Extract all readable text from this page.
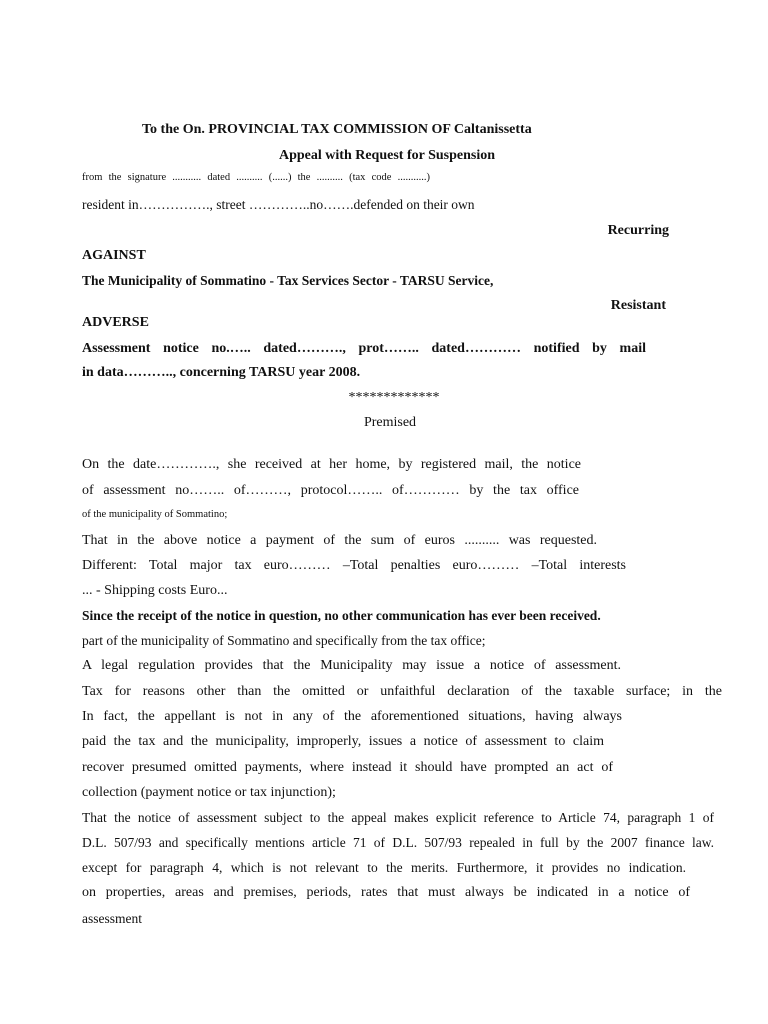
To the On. PROVINCIAL TAX COMMISSION OF Caltanissetta
Appeal with Request for Suspension
from the signature ........... dated .......... (......) the .......... (tax code ...........)
resident in……………., street …………..no…….defended on their own
Recurring
AGAINST
The Municipality of Sommatino - Tax Services Sector - TARSU Service,
Resistant
ADVERSE
Assessment notice no.….. dated………., prot…….. dated………… notified by mail
in data……….., concerning TARSU year 2008.
*************
Premised
On the date…………., she received at her home, by registered mail, the notice
of assessment no…….. of………, protocol…….. of………… by the tax office
of the municipality of Sommatino;
That in the above notice a payment of the sum of euros .......... was requested.
Different: Total major tax euro……… –Total penalties euro……… –Total interests
... - Shipping costs Euro...
Since the receipt of the notice in question, no other communication has ever been received.
part of the municipality of Sommatino and specifically from the tax office;
A legal regulation provides that the Municipality may issue a notice of assessment.
Tax for reasons other than the omitted or unfaithful declaration of the taxable surface; in the
In fact, the appellant is not in any of the aforementioned situations, having always
paid the tax and the municipality, improperly, issues a notice of assessment to claim
recover presumed omitted payments, where instead it should have prompted an act of
collection (payment notice or tax injunction);
That the notice of assessment subject to the appeal makes explicit reference to Article 74, paragraph 1 of
D.L. 507/93 and specifically mentions article 71 of D.L. 507/93 repealed in full by the 2007 finance law.
except for paragraph 4, which is not relevant to the merits. Furthermore, it provides no indication.
on properties, areas and premises, periods, rates that must always be indicated in a notice of
assessment
